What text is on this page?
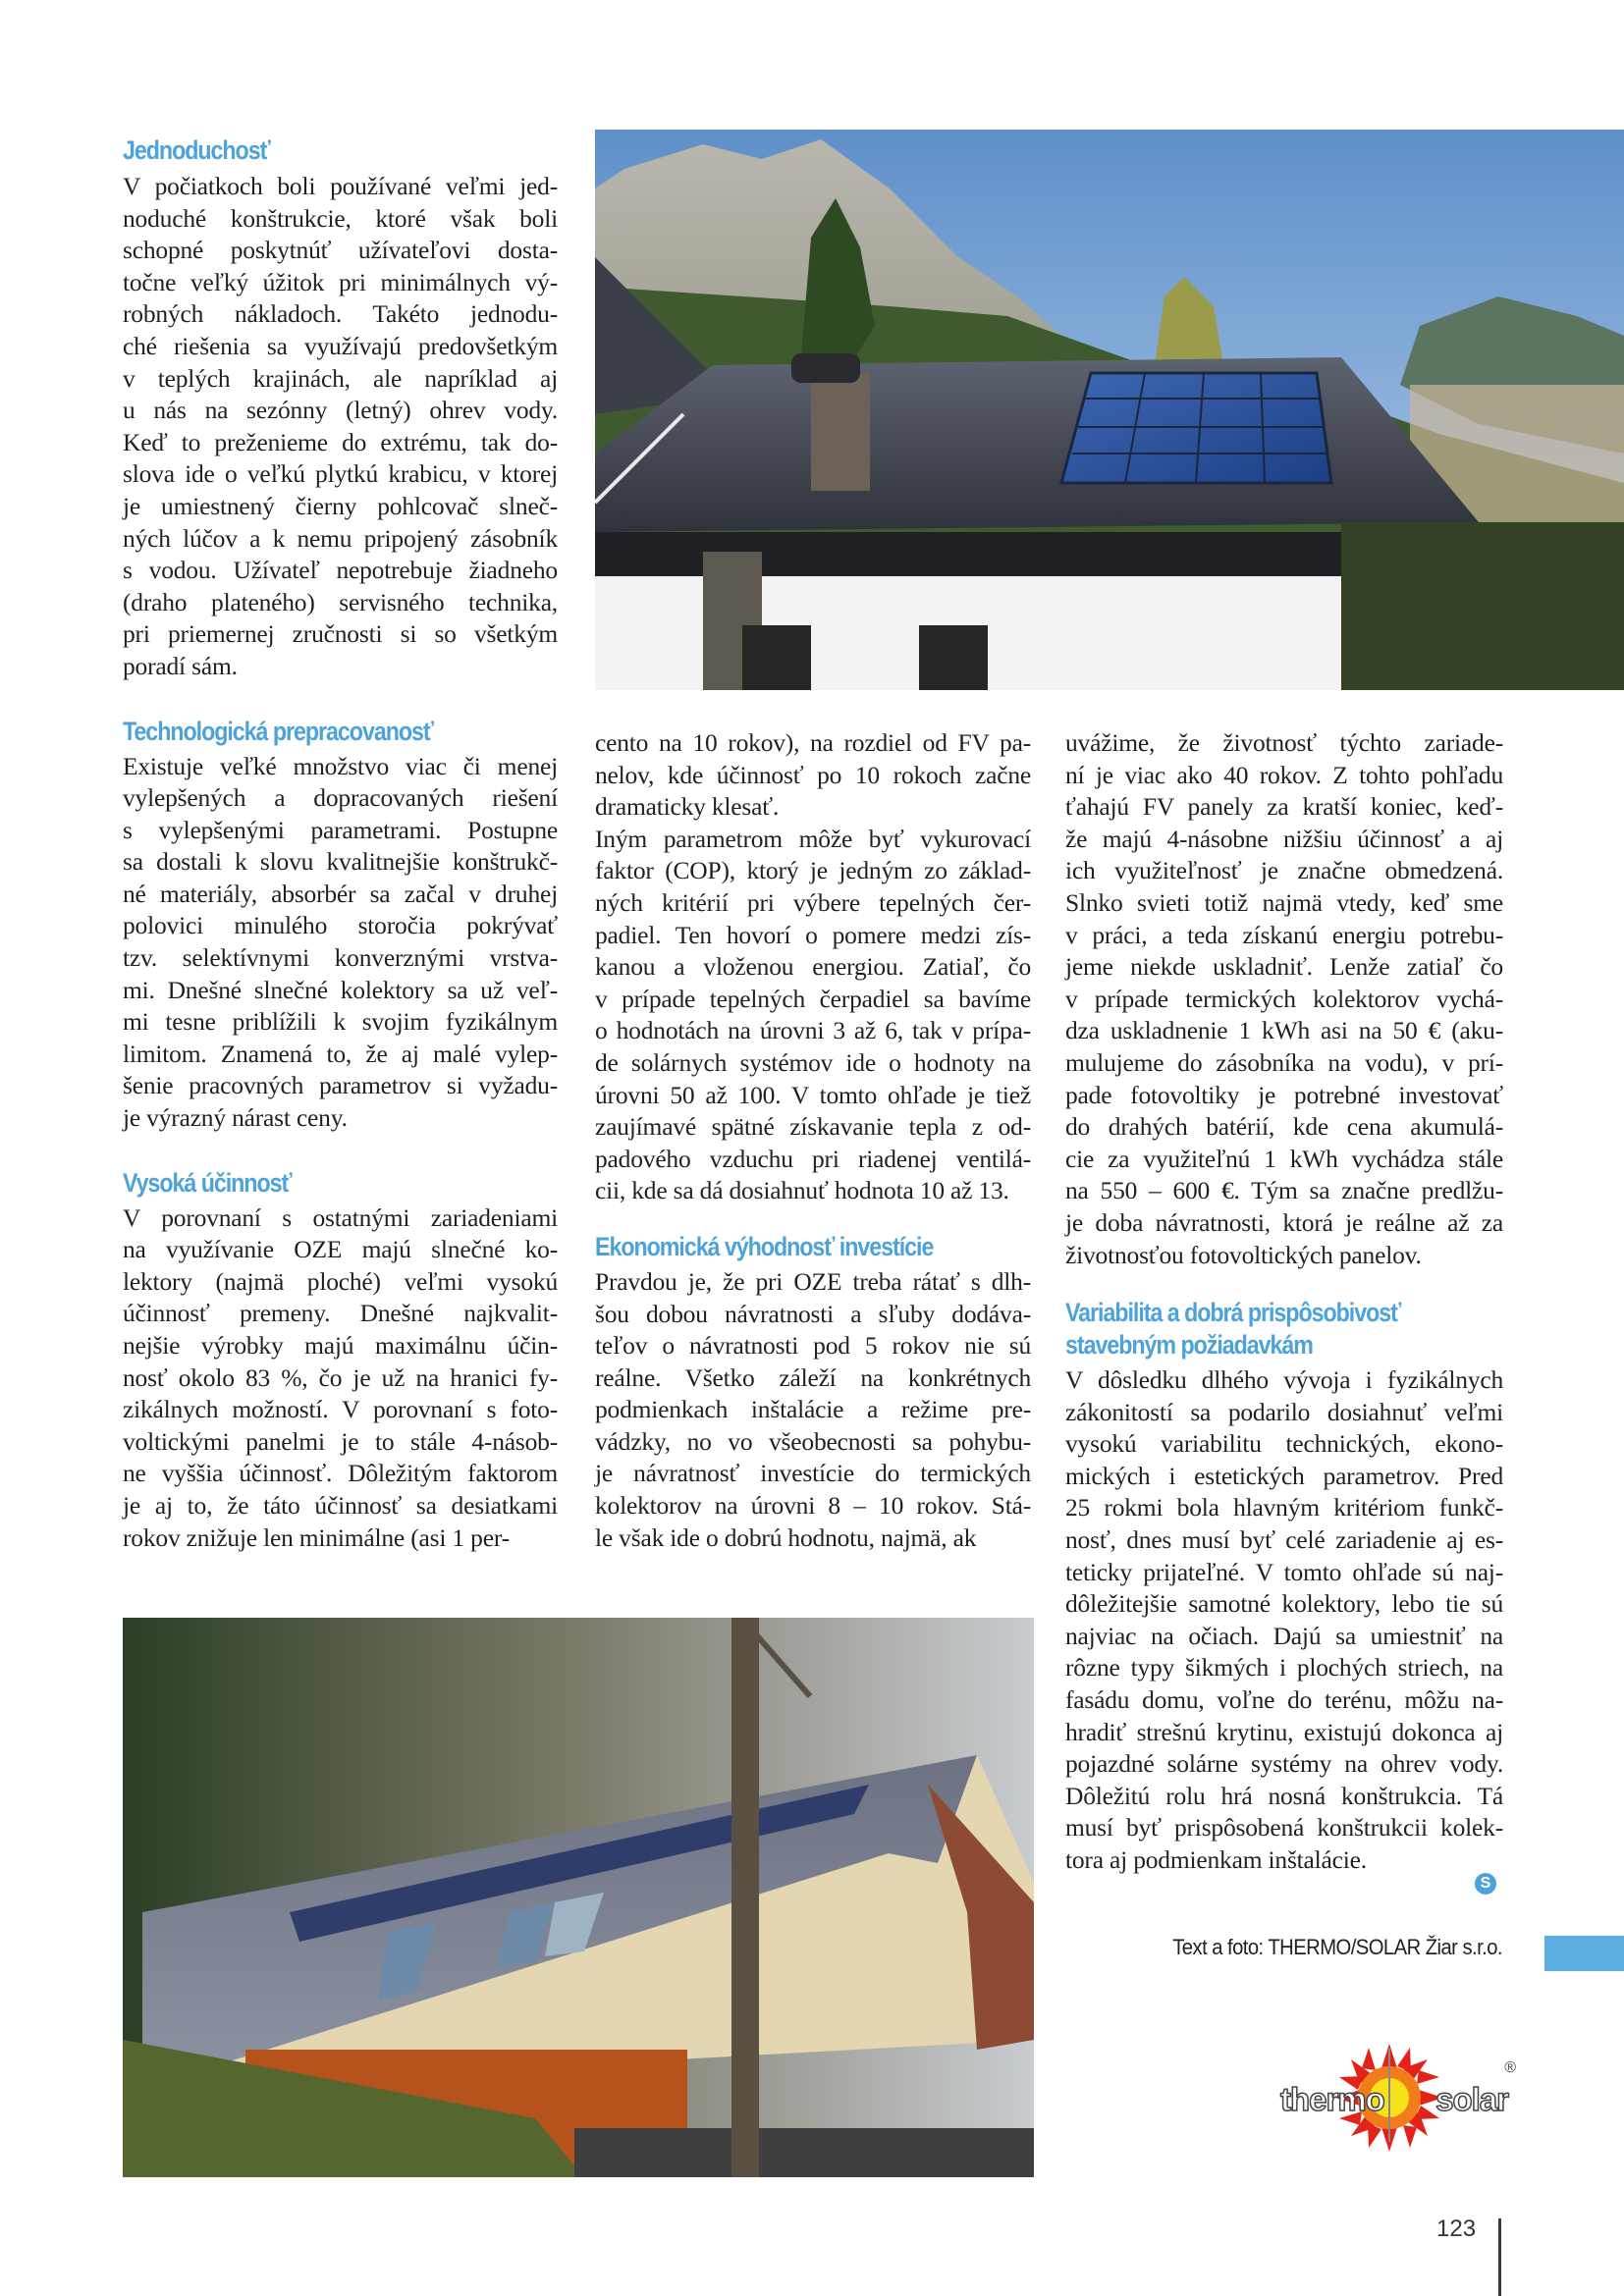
Jednoduchosť
V počiatkoch boli používané veľmi jed-
noduché konštrukcie, ktoré však boli
schopné poskytnúť užívateľovi dosta-
točne veľký úžitok pri minimálnych vý-
robných nákladoch. Takéto jednodu-
ché riešenia sa využívajú predovšetkým
v teplých krajinách, ale napríklad aj
u nás na sezónny (letný) ohrev vody.
Keď to preženieme do extrému, tak do-
slova ide o veľkú plytkú krabicu, v ktorej
je umiestnený čierny pohlcovač slneč-
ných lúčov a k nemu pripojený zásobník
s vodou. Užívateľ nepotrebuje žiadneho
(draho plateného) servisného technika,
pri priemernej zručnosti si so všetkým
poradí sám.
Technologická prepracovanosť
Existuje veľké množstvo viac či menej
vylepšených a dopracovaných riešení
s vylepšenými parametrami. Postupne
sa dostali k slovu kvalitnejšie konštrukč-
né materiály, absorbér sa začal v druhej
polovici minulého storočia pokrývať
tzv. selektívnymi konverznými vrstva-
mi. Dnešné slnečné kolektory sa už veľ-
mi tesne priblížili k svojim fyzikálnym
limitom. Znamená to, že aj malé vylep-
šenie pracovných parametrov si vyžadu-
je výrazný nárast ceny.
Vysoká účinnosť
V porovnaní s ostatnými zariadeniami
na využívanie OZE majú slnečné ko-
lektory (najmä ploché) veľmi vysokú
účinnosť premeny. Dnešné najkvalit-
nejšie výrobky majú maximálnu účin-
nosť okolo 83 %, čo je už na hranici fy-
zikálnych možností. V porovnaní s foto-
voltickými panelmi je to stále 4-násob-
ne vyššia účinnosť. Dôležitým faktorom
je aj to, že táto účinnosť sa desiatkami
rokov znižuje len minimálne (asi 1 per-
cento na 10 rokov), na rozdiel od FV pa-
nelov, kde účinnosť po 10 rokoch začne
dramaticky klesať.
Iným parametrom môže byť vykurovací
faktor (COP), ktorý je jedným zo základ-
ných kritérií pri výbere tepelných čer-
padiel. Ten hovorí o pomere medzi zís-
kanou a vloženou energiou. Zatiaľ, čo
v prípade tepelných čerpadiel sa bavíme
o hodnotách na úrovni 3 až 6, tak v prípa-
de solárnych systémov ide o hodnoty na
úrovni 50 až 100. V tomto ohľade je tiež
zaujímavé spätné získavanie tepla z od-
padového vzduchu pri riadenej ventilá-
cii, kde sa dá dosiahnuť hodnota 10 až 13.
Ekonomická výhodnosť investície
Pravdou je, že pri OZE treba rátať s dlh-
šou dobou návratnosti a sľuby dodáva-
teľov o návratnosti pod 5 rokov nie sú
reálne. Všetko záleží na konkrétnych
podmienkach inštalácie a režime pre-
vádzky, no vo všeobecnosti sa pohybu-
je návratnosť investície do termických
kolektorov na úrovni 8 – 10 rokov. Stá-
le však ide o dobrú hodnotu, najmä, ak
uvážime, že životnosť týchto zariade-
ní je viac ako 40 rokov. Z tohto pohľadu
ťahajú FV panely za kratší koniec, keď-
že majú 4-násobne nižšiu účinnosť a aj
ich využiteľnosť je značne obmedzená.
Slnko svieti totiž najmä vtedy, keď sme
v práci, a teda získanú energiu potrebu-
jeme niekde uskladniť. Lenže zatiaľ čo
v prípade termických kolektorov vychá-
dza uskladnenie 1 kWh asi na 50 € (aku-
mulujeme do zásobníka na vodu), v prí-
pade fotovoltiky je potrebné investovať
do drahých batérií, kde cena akumulá-
cie za využiteľnú 1 kWh vychádza stále
na 550 – 600 €. Tým sa značne predlžu-
je doba návratnosti, ktorá je reálne až za
životnosťou fotovoltických panelov.
Variabilita a dobrá prispôsobivosť
stavebným požiadavkám
V dôsledku dlhého vývoja i fyzikálnych
zákonitostí sa podarilo dosiahnuť veľmi
vysokú variabilitu technických, ekono-
mických i estetických parametrov. Pred
25 rokmi bola hlavným kritériom funkč-
nosť, dnes musí byť celé zariadenie aj es-
teticky prijateľné. V tomto ohľade sú naj-
dôležitejšie samotné kolektory, lebo tie sú
najviac na očiach. Dajú sa umiestniť na
rôzne typy šikmých i plochých striech, na
fasádu domu, voľne do terénu, môžu na-
hradiť strešnú krytinu, existujú dokonca aj
pojazdné solárne systémy na ohrev vody.
Dôležitú rolu hrá nosná konštrukcia. Tá
musí byť prispôsobená konštrukcii kolek-
tora aj podmienkam inštalácie.
S
Text a foto: THERMO/SOLAR Žiar s.r.o.
thermo solar
®
123
